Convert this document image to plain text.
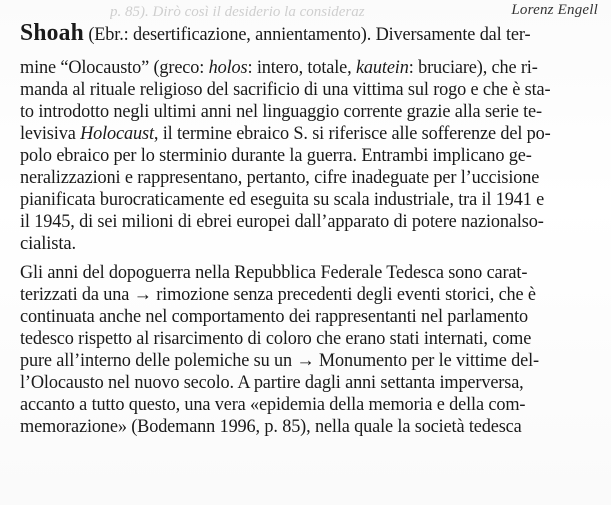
p. 85). Dirò così il desiderio la consideraz	Lorenz Engell
Shoah (Ebr.: desertificazione, annientamento). Diversamente dal ter-
mine “Olocausto” (greco: holos: intero, totale, kautein: bruciare), che ri-
manda al rituale religioso del sacrificio di una vittima sul rogo e che è sta-
to introdotto negli ultimi anni nel linguaggio corrente grazie alla serie te-
levisiva Holocaust, il termine ebraico S. si riferisce alle sofferenze del po-
polo ebraico per lo sterminio durante la guerra. Entrambi implicano ge-
neralizzazioni e rappresentano, pertanto, cifre inadeguate per l’uccisione
pianificata burocraticamente ed eseguita su scala industriale, tra il 1941 e
il 1945, di sei milioni di ebrei europei dall’apparato di potere nazionalso-
cialista.
Gli anni del dopoguerra nella Repubblica Federale Tedesca sono carat-
terizzati da una → rimozione senza precedenti degli eventi storici, che è
continuata anche nel comportamento dei rappresentanti nel parlamento
tedesco rispetto al risarcimento di coloro che erano stati internati, come
pure all’interno delle polemiche su un → Monumento per le vittime del-
l’Olocausto nel nuovo secolo. A partire dagli anni settanta imperversa,
accanto a tutto questo, una vera «epidemia della memoria e della com-
memorazione» (Bodemann 1996, p. 85), nella quale la società tedesca
